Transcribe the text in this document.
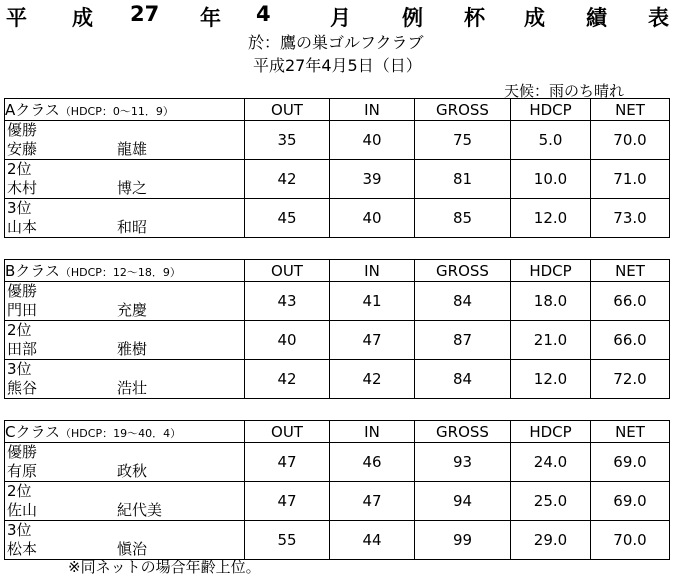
平 成 27 年 4	月 例 杯 成 績 表
於：鷹の巣ゴルフクラブ
平成27年4月5日（日）
天候：雨のち晴れ
Aクラス（HDCP：0～11．9）	OUT	IN	GROSS	HDCP	NET

優勝
安藤 龍雄	35	40	75	5.0	70.0

2位
木村 博之	42	39	81	10.0	71.0

3位
山本 和昭	45	40	85	12.0	73.0
Bクラス（HDCP：12～18．9）	OUT	IN	GROSS	HDCP	NET

優勝
門田 充慶	43	41	84	18.0	66.0

2位
田部 雅樹	40	47	87	21.0	66.0

3位
熊谷 浩壮	42	42	84	12.0	72.0
Cクラス（HDCP：19～40．4）	OUT	IN	GROSS	HDCP	NET

優勝
有原 政秋	47	46	93	24.0	69.0

2位
佐山 紀代美	47	47	94	25.0	69.0

3位
松本 愼治	55	44	99	29.0	70.0
※同ネットの場合年齢上位。
